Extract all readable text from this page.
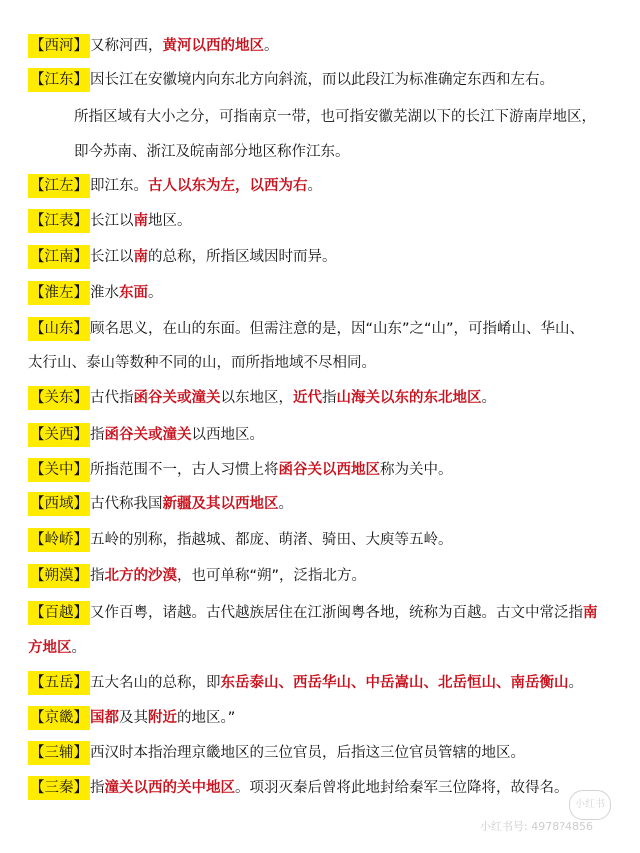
【西河】 又称河西，黄河以西的地区。
【江东】 因长江在安徽境内向东北方向斜流，而以此段江为标准确定东西和左右。
所指区域有大小之分，可指南京一带，也可指安徽芜湖以下的长江下游南岸地区，
即今苏南、浙江及皖南部分地区称作江东。
【江左】 即江东。古人以东为左，以西为右。
【江表】 长江以南地区。
【江南】 长江以南的总称，所指区域因时而异。
【淮左】 淮水东面。
【山东】 顾名思义，在山的东面。但需注意的是，因“山东”之“山”，可指崤山、华山、
太行山、泰山等数种不同的山，而所指地域不尽相同。
【关东】 古代指函谷关或潼关以东地区，近代指山海关以东的东北地区。
【关西】 指函谷关或潼关以西地区。
【关中】 所指范围不一，古人习惯上将函谷关以西地区称为关中。
【西域】 古代称我国新疆及其以西地区。
【岭峤】 五岭的别称，指越城、都庞、萌渚、骑田、大庾等五岭。
【朔漠】 指北方的沙漠，也可单称“朔”，泛指北方。
【百越】 又作百粤，诸越。古代越族居住在江浙闽粤各地，统称为百越。古文中常泛指南
方地区。
【五岳】 五大名山的总称，即东岳泰山、西岳华山、中岳嵩山、北岳恒山、南岳衡山。
【京畿】 国都及其附近的地区。”
【三辅】 西汉时本指治理京畿地区的三位官员，后指这三位官员管辖的地区。
【三秦】 指潼关以西的关中地区。项羽灭秦后曾将此地封给秦军三位降将，故得名。
小红书
小红书号: 4978?4856
